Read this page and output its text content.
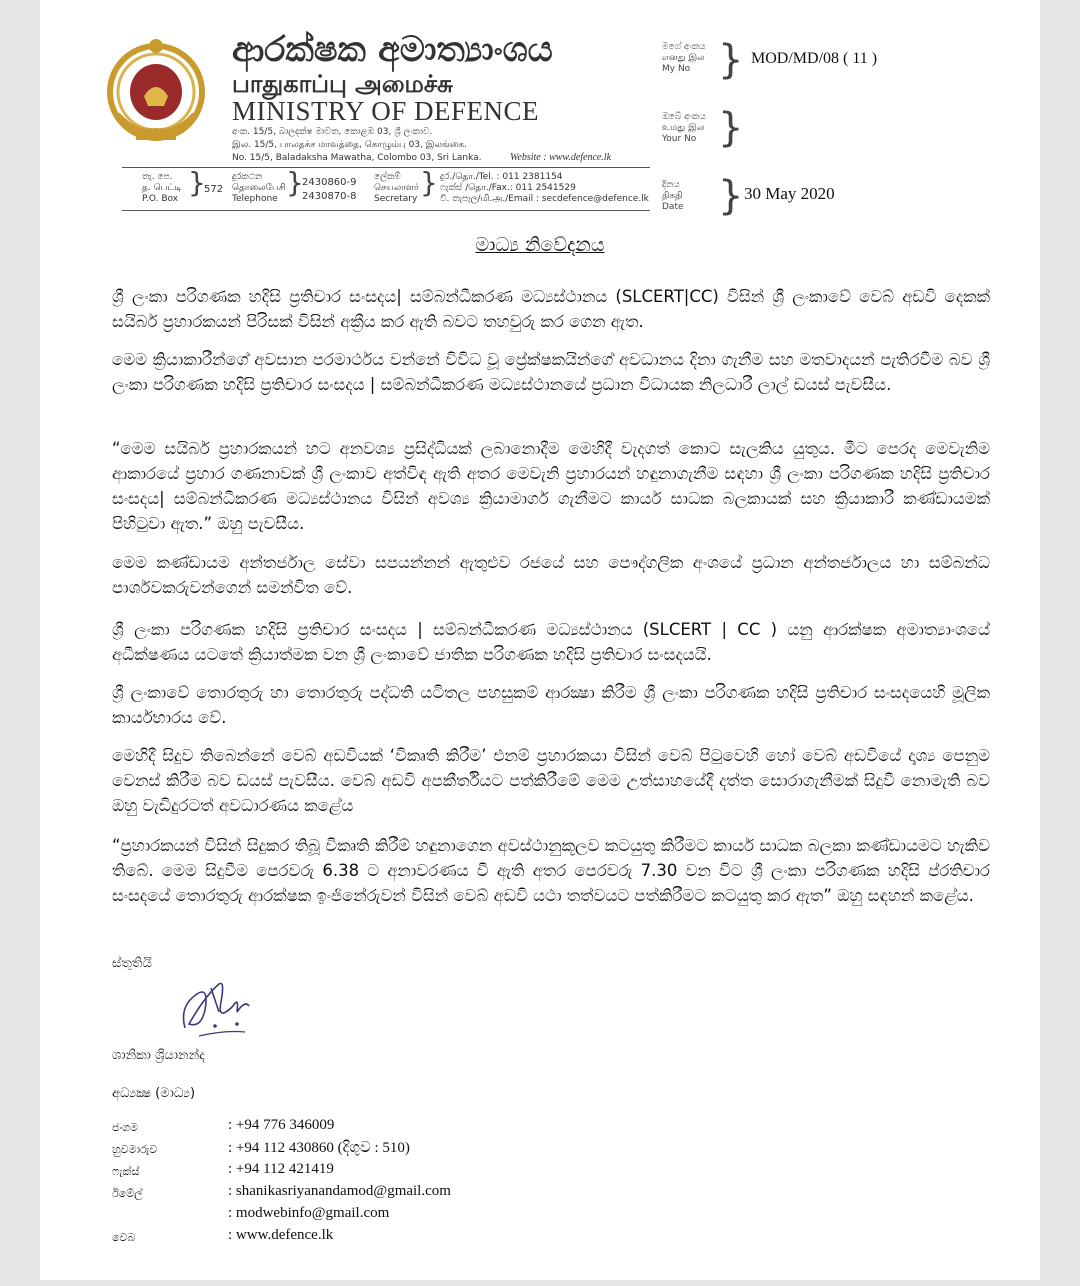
ආරක්ෂක අමාත්‍යාංශය
பாதுகாப்பு அமைச்சு
MINISTRY OF DEFENCE
අංක. 15/5, බාලදක්ෂ මාවත, කොළඹ 03, ශ්‍රී ලංකාව.
இல. 15/5, பாலதக்ச மாவத்தை, கொழும்பு 03, இலங்கை.
No. 15/5, Baladaksha Mawatha, Colombo 03, Sri Lanka.	Website : www.defence.lk
මගේ අංකය
எனது இல
My No } MOD/MD/08 ( 11 )
ඔබේ අංකය
உமது இல
Your No }
තැ. පෙ.
த. பெட்டி
P.O. Box }
572
දුරකථන
தொலைபேசி
Telephone }
2430860-9
2430870-8
ලේකම්
செயலாளர்
Secretary } දුර./தொ./Tel. : 011 2381154
ෆැක්ස් /தொ./Fax.: 011 2541529
වි. තැපෑල/மி.அ./Email : secdefence@defence.lk
දිනය
திகதி
Date } 30 May 2020
මාධ්‍ය නිවේදනය
ශ්‍රී ලංකා පරිගණක හදිසි ප්‍රතිචාර සංසදය| සම්බන්ධීකරණ මධ්‍යස්ථානය (SLCERT|CC) විසින් ශ්‍රී ලංකාවේ වෙබ් අඩවි දෙකක් සයිබර් ප්‍රහාරකයන් පිරිසක් විසින් අක්‍රීය කර ඇති බවට තහවුරු කර ගෙන ඇත.
මෙම ක්‍රියාකාරීන්ගේ අවසාන පරමාර්ථය වන්නේ විවිධ වූ ප්‍රේක්ෂකයින්ගේ අවධානය දිනා ගැනීම සහ මතවාදයන් පැතිරවීම බව ශ්‍රී ලංකා පරිගණක හදිසි ප්‍රතිචාර සංසදය | සම්බන්ධීකරණ මධ්‍යස්ථානයේ ප්‍රධාන විධායක නිලධාරී ලාල් ඩයස් පැවසීය.
“මෙම සයිබර් ප්‍රහාරකයන් හට අනවශ්‍ය ප්‍රසිද්ධියක් ලබානොදීම මෙහිදී වැදගත් කොට සැලකිය යුතුය. මීට පෙරද මෙවැනිම ආකාරයේ ප්‍රහාර ගණනාවක් ශ්‍රී ලංකාව අත්විඳ ඇති අතර මෙවැනි ප්‍රහාරයන් හඳුනාගැනීම සඳහා ශ්‍රී ලංකා පරිගණක හදිසි ප්‍රතිචාර සංසදය| සම්බන්ධීකරණ මධ්‍යස්ථානය විසින් අවශ්‍ය ක්‍රියාමාර්ග ගැනීමට කාර්ය සාධක බලකායක් සහ ක්‍රියාකාරී කණ්ඩායමක් පිහිටුවා ඇත.” ඔහු පැවසීය.
මෙම කණ්ඩායම අන්තර්ජාල සේවා සපයන්නන් ඇතුළුව රජයේ සහ පෞද්ගලික අංශයේ ප්‍රධාන අන්තර්ජාලය හා සම්බන්ධ පාර්ශවකරුවන්ගෙන් සමන්විත වේ.
ශ්‍රී ලංකා පරිගණක හදිසි ප්‍රතිචාර සංසදය | සම්බන්ධීකරණ මධ්‍යස්ථානය (SLCERT | CC ) යනු ආරක්ෂක අමාත්‍යාංශයේ අධීක්ෂණය යටතේ ක්‍රියාත්මක වන ශ්‍රී ලංකාවේ ජාතික පරිගණක හදිසි ප්‍රතිචාර සංසදයයි.
ශ්‍රී ලංකාවේ තොරතුරු හා තොරතුරු පද්ධති යටිතල පහසුකම් ආරක්‍ෂා කිරීම ශ්‍රී ලංකා පරිගණක හදිසි ප්‍රතිචාර සංසදයෙහි මූලික කාර්යභාරය වේ.
මෙහිදී සිදුව තිබෙන්නේ වෙබ් අඩවියක් ‘විකෘති කිරීම’ එනම් ප්‍රහාරකයා විසින් වෙබ් පිටුවෙහි හෝ වෙබ් අඩවියේ දෘශ්‍ය පෙනුම වෙනස් කිරීම බව ඩයස් පැවසීය. වෙබ් අඩවි අපකීර්තියට පත්කිරීමේ මෙම උත්සාහයේදී දත්ත සොරාගැනීමක් සිදුවී නොමැති බව ඔහු වැඩිදුරටත් අවධාරණය කළේය
“ප්‍රහාරකයන් විසින් සිදුකර තිබූ විකෘති කිරීම් හඳුනාගෙන අවස්ථානුකූලව කටයුතු කිරීමට කාර්ය සාධක බලකා කණ්ඩායමට හැකිව තිබේ. මෙම සිදුවීම පෙරවරු 6.38 ට අනාවරණය වී ඇති අතර පෙරවරු 7.30 වන විට ශ්‍රී ලංකා පරිගණක හදිසි ප්රතිචාර සංසදයේ තොරතුරු ආරක්ෂක ඉංජිනේරුවන් විසින් වෙබ් අඩවි යථා තත්වයට පත්කිරීමට කටයුතු කර ඇත” ඔහු සඳහන් කළේය.
ස්තුතියි
ශානිකා ශ්‍රියානන්ද
අධ්‍යක්‍ෂ (මාධ්‍ය)
ජංගම	: +94 776 346009
හුවමාරුව	: +94 112 430860 (දිගුව : 510)
ෆැක්ස්	: +94 112 421419
ඊමේල්	: shanikasriyanandamod@gmail.com
: modwebinfo@gmail.com
වෙබ	: www.defence.lk
